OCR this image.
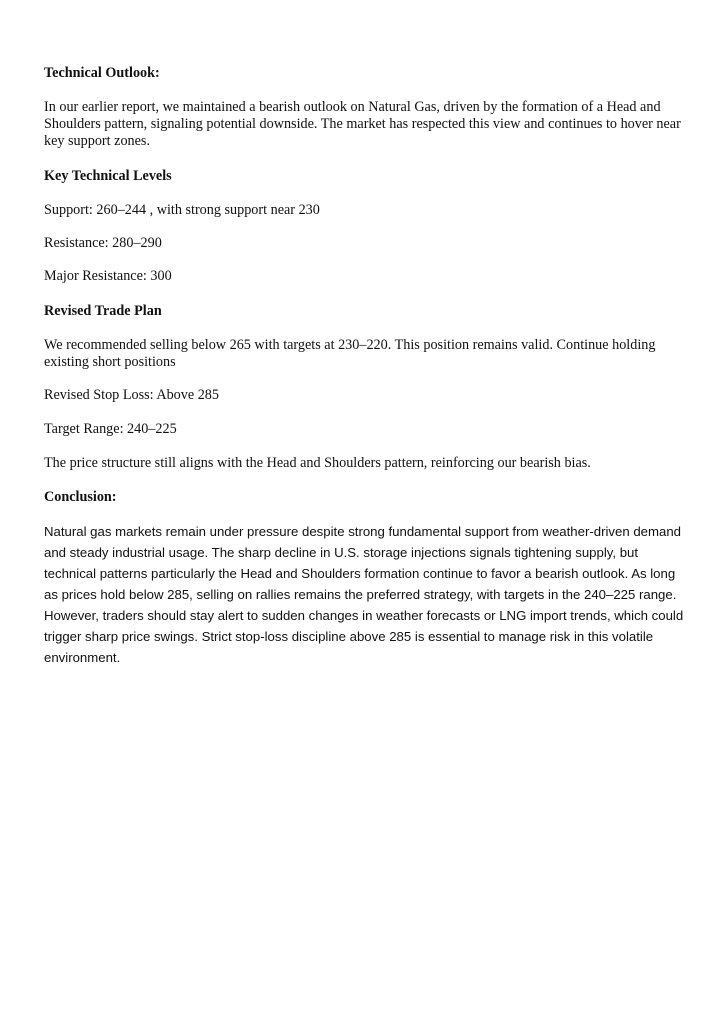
Technical Outlook:

In our earlier report, we maintained a bearish outlook on Natural Gas, driven by the formation of a Head and Shoulders pattern, signaling potential downside. The market has respected this view and continues to hover near key support zones.

Key Technical Levels

Support: 260–244 , with strong support near 230

Resistance: 280–290

Major Resistance: 300

Revised Trade Plan

We recommended selling below 265 with targets at 230–220. This position remains valid. Continue holding existing short positions

Revised Stop Loss: Above 285

Target Range: 240–225

The price structure still aligns with the Head and Shoulders pattern, reinforcing our bearish bias.

Conclusion:

Natural gas markets remain under pressure despite strong fundamental support from weather-driven demand and steady industrial usage. The sharp decline in U.S. storage injections signals tightening supply, but technical patterns particularly the Head and Shoulders formation continue to favor a bearish outlook. As long as prices hold below 285, selling on rallies remains the preferred strategy, with targets in the 240–225 range. However, traders should stay alert to sudden changes in weather forecasts or LNG import trends, which could trigger sharp price swings. Strict stop-loss discipline above 285 is essential to manage risk in this volatile environment.
